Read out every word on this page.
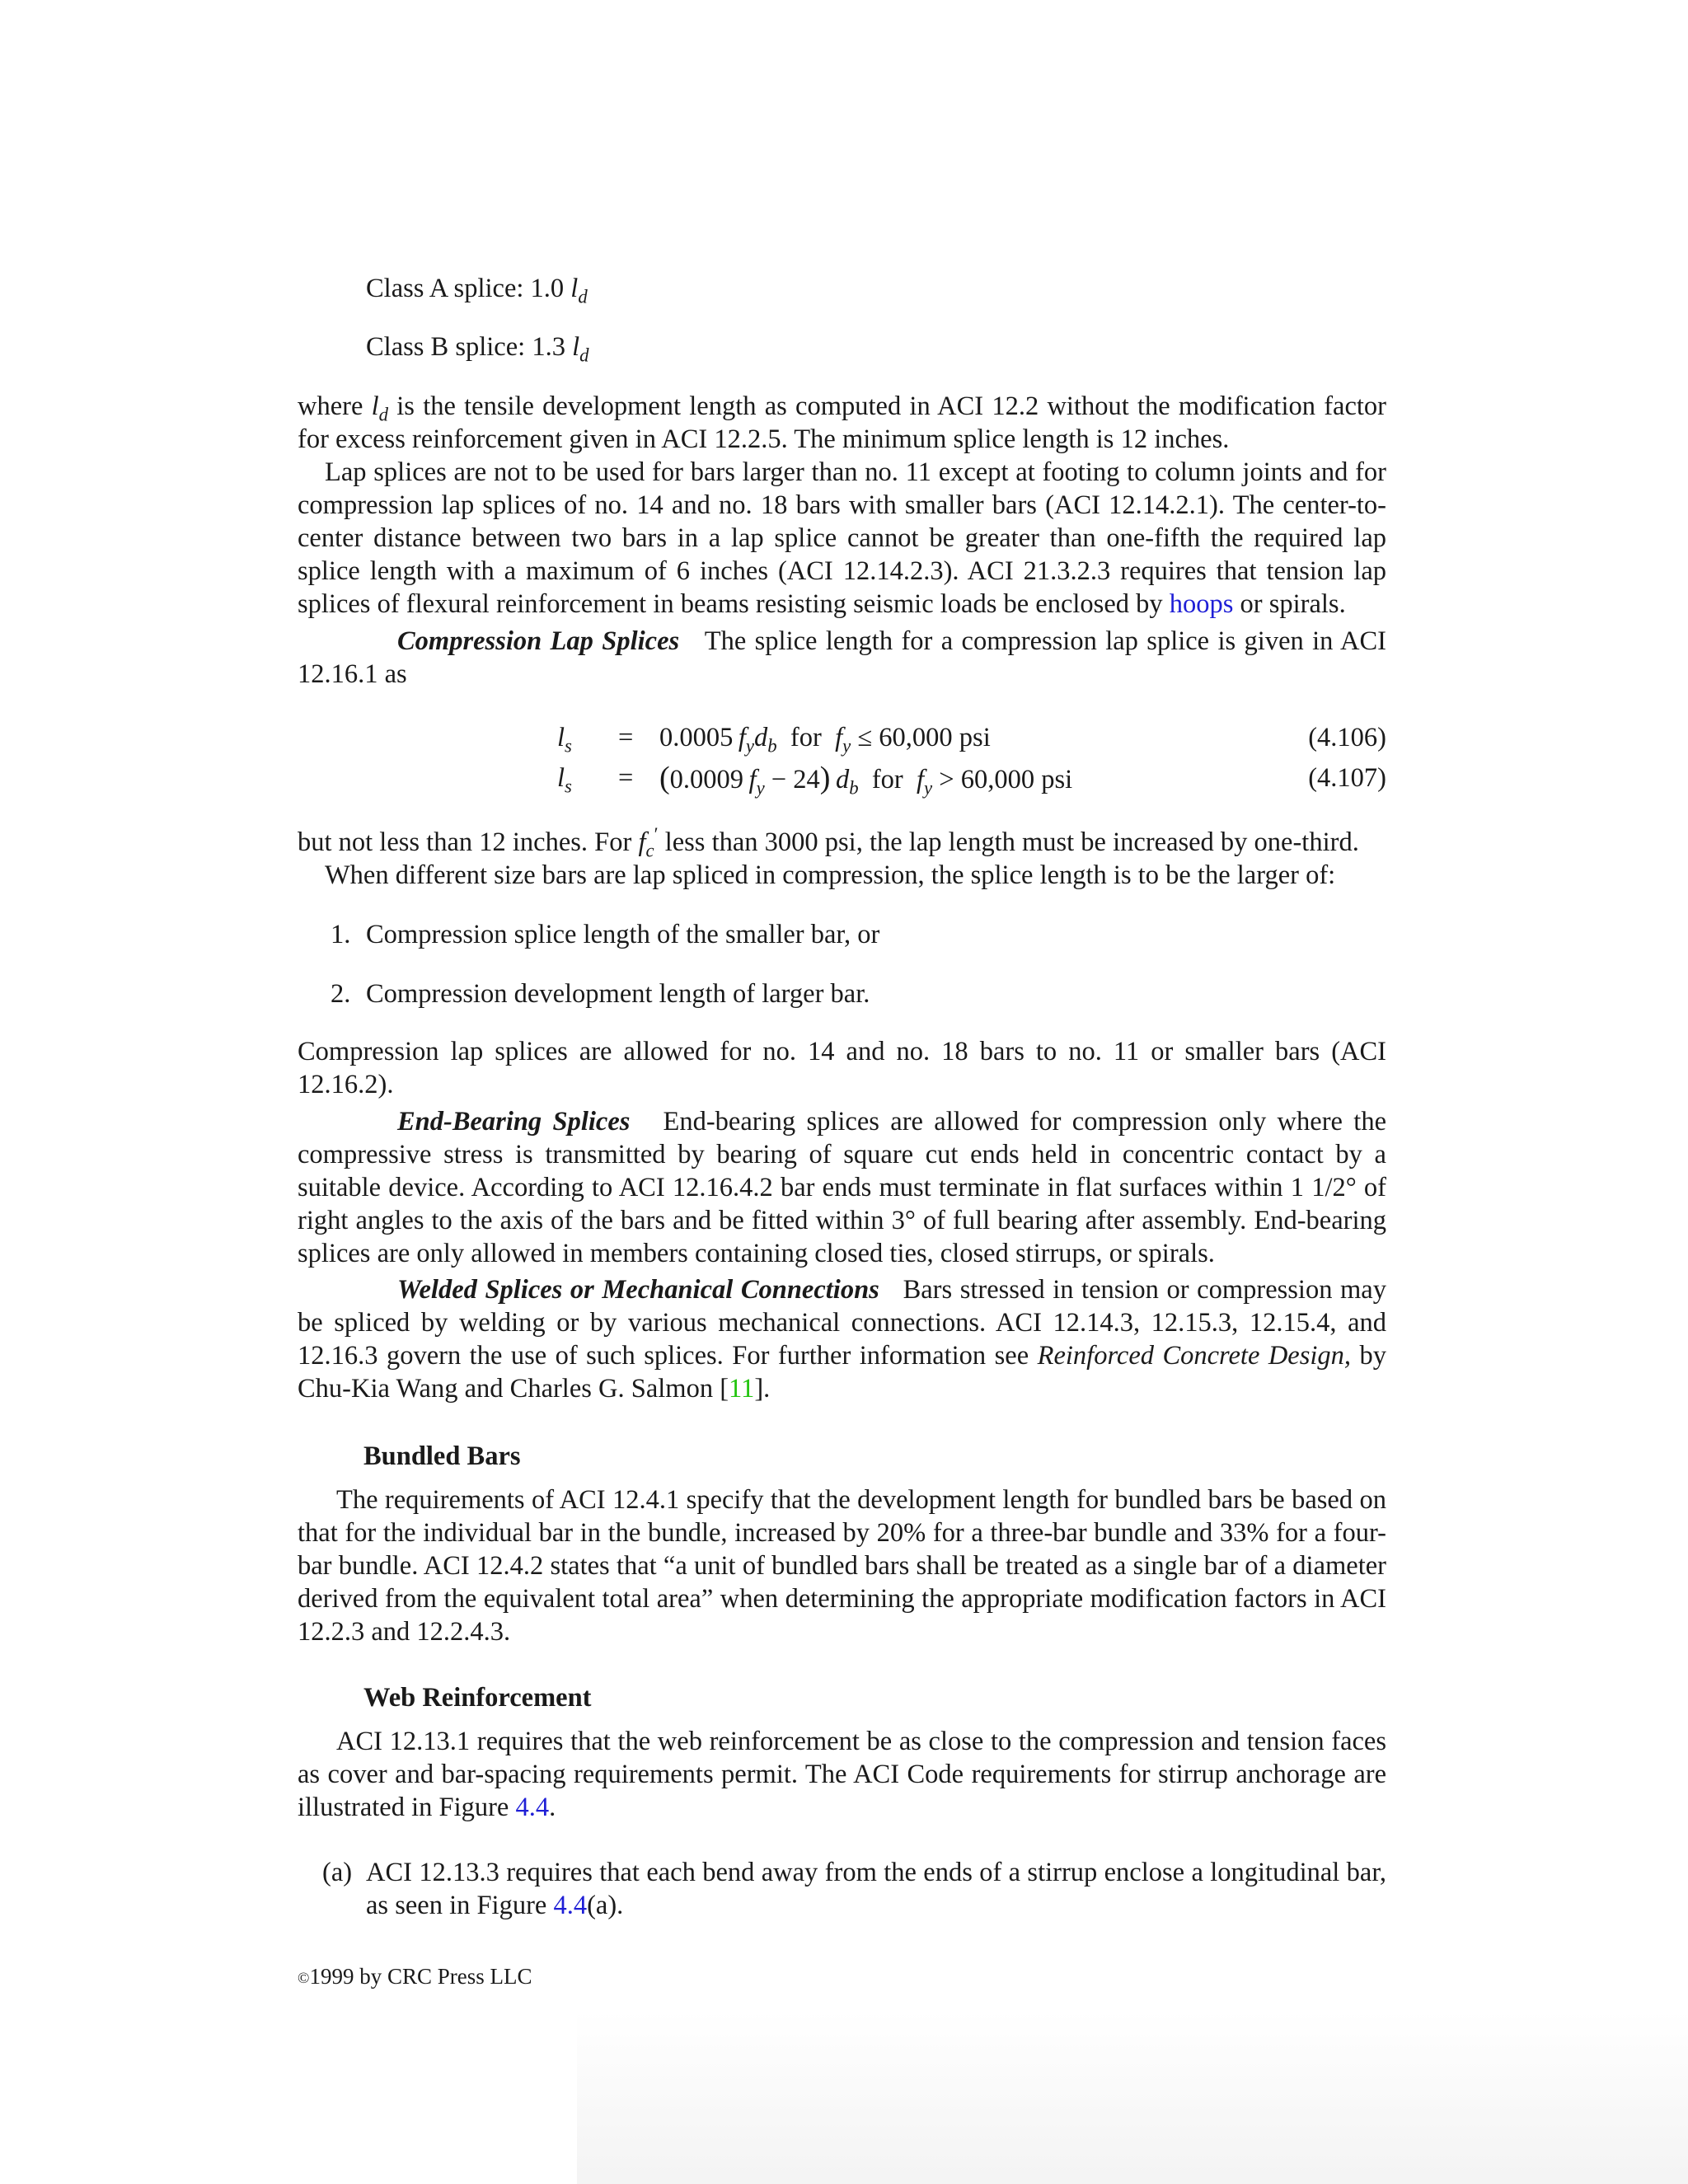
Class A splice: 1.0 $l_d$
Class B splice: 1.3 $l_d$
where $l_d$ is the tensile development length as computed in ACI 12.2 without the modification factor for excess reinforcement given in ACI 12.2.5. The minimum splice length is 12 inches.
Lap splices are not to be used for bars larger than no. 11 except at footing to column joints and for compression lap splices of no. 14 and no. 18 bars with smaller bars (ACI 12.14.2.1). The center-to-center distance between two bars in a lap splice cannot be greater than one-fifth the required lap splice length with a maximum of 6 inches (ACI 12.14.2.3). ACI 21.3.2.3 requires that tension lap splices of flexural reinforcement in beams resisting seismic loads be enclosed by hoops or spirals.
Compression Lap Splices The splice length for a compression lap splice is given in ACI 12.16.1 as
$l_s = 0.0005$ $f_yd_b$  for  $f_y \le 60,000$ psi	(4.106)
$l_s = (0.0009$ $f_y - 24$)  $d_b$  for  $f_y > 60,000$ psi	(4.107)
but not less than 12 inches. For $f_c'$ less than 3000 psi, the lap length must be increased by one-third.
When different size bars are lap spliced in compression, the splice length is to be the larger of:
1. Compression splice length of the smaller bar, or
2. Compression development length of larger bar.
Compression lap splices are allowed for no. 14 and no. 18 bars to no. 11 or smaller bars (ACI 12.16.2).
End-Bearing Splices End-bearing splices are allowed for compression only where the compressive stress is transmitted by bearing of square cut ends held in concentric contact by a suitable device. According to ACI 12.16.4.2 bar ends must terminate in flat surfaces within 1 1/2° of right angles to the axis of the bars and be fitted within 3° of full bearing after assembly. End-bearing splices are only allowed in members containing closed ties, closed stirrups, or spirals.
Welded Splices or Mechanical Connections Bars stressed in tension or compression may be spliced by welding or by various mechanical connections. ACI 12.14.3, 12.15.3, 12.15.4, and 12.16.3 govern the use of such splices. For further information see Reinforced Concrete Design, by Chu-Kia Wang and Charles G. Salmon [11].
Bundled Bars
The requirements of ACI 12.4.1 specify that the development length for bundled bars be based on that for the individual bar in the bundle, increased by 20% for a three-bar bundle and 33% for a four-bar bundle. ACI 12.4.2 states that “a unit of bundled bars shall be treated as a single bar of a diameter derived from the equivalent total area” when determining the appropriate modification factors in ACI 12.2.3 and 12.2.4.3.
Web Reinforcement
ACI 12.13.1 requires that the web reinforcement be as close to the compression and tension faces as cover and bar-spacing requirements permit. The ACI Code requirements for stirrup anchorage are illustrated in Figure 4.4.
(a) ACI 12.13.3 requires that each bend away from the ends of a stirrup enclose a longitudinal bar, as seen in Figure 4.4(a).
©1999 by CRC Press LLC
